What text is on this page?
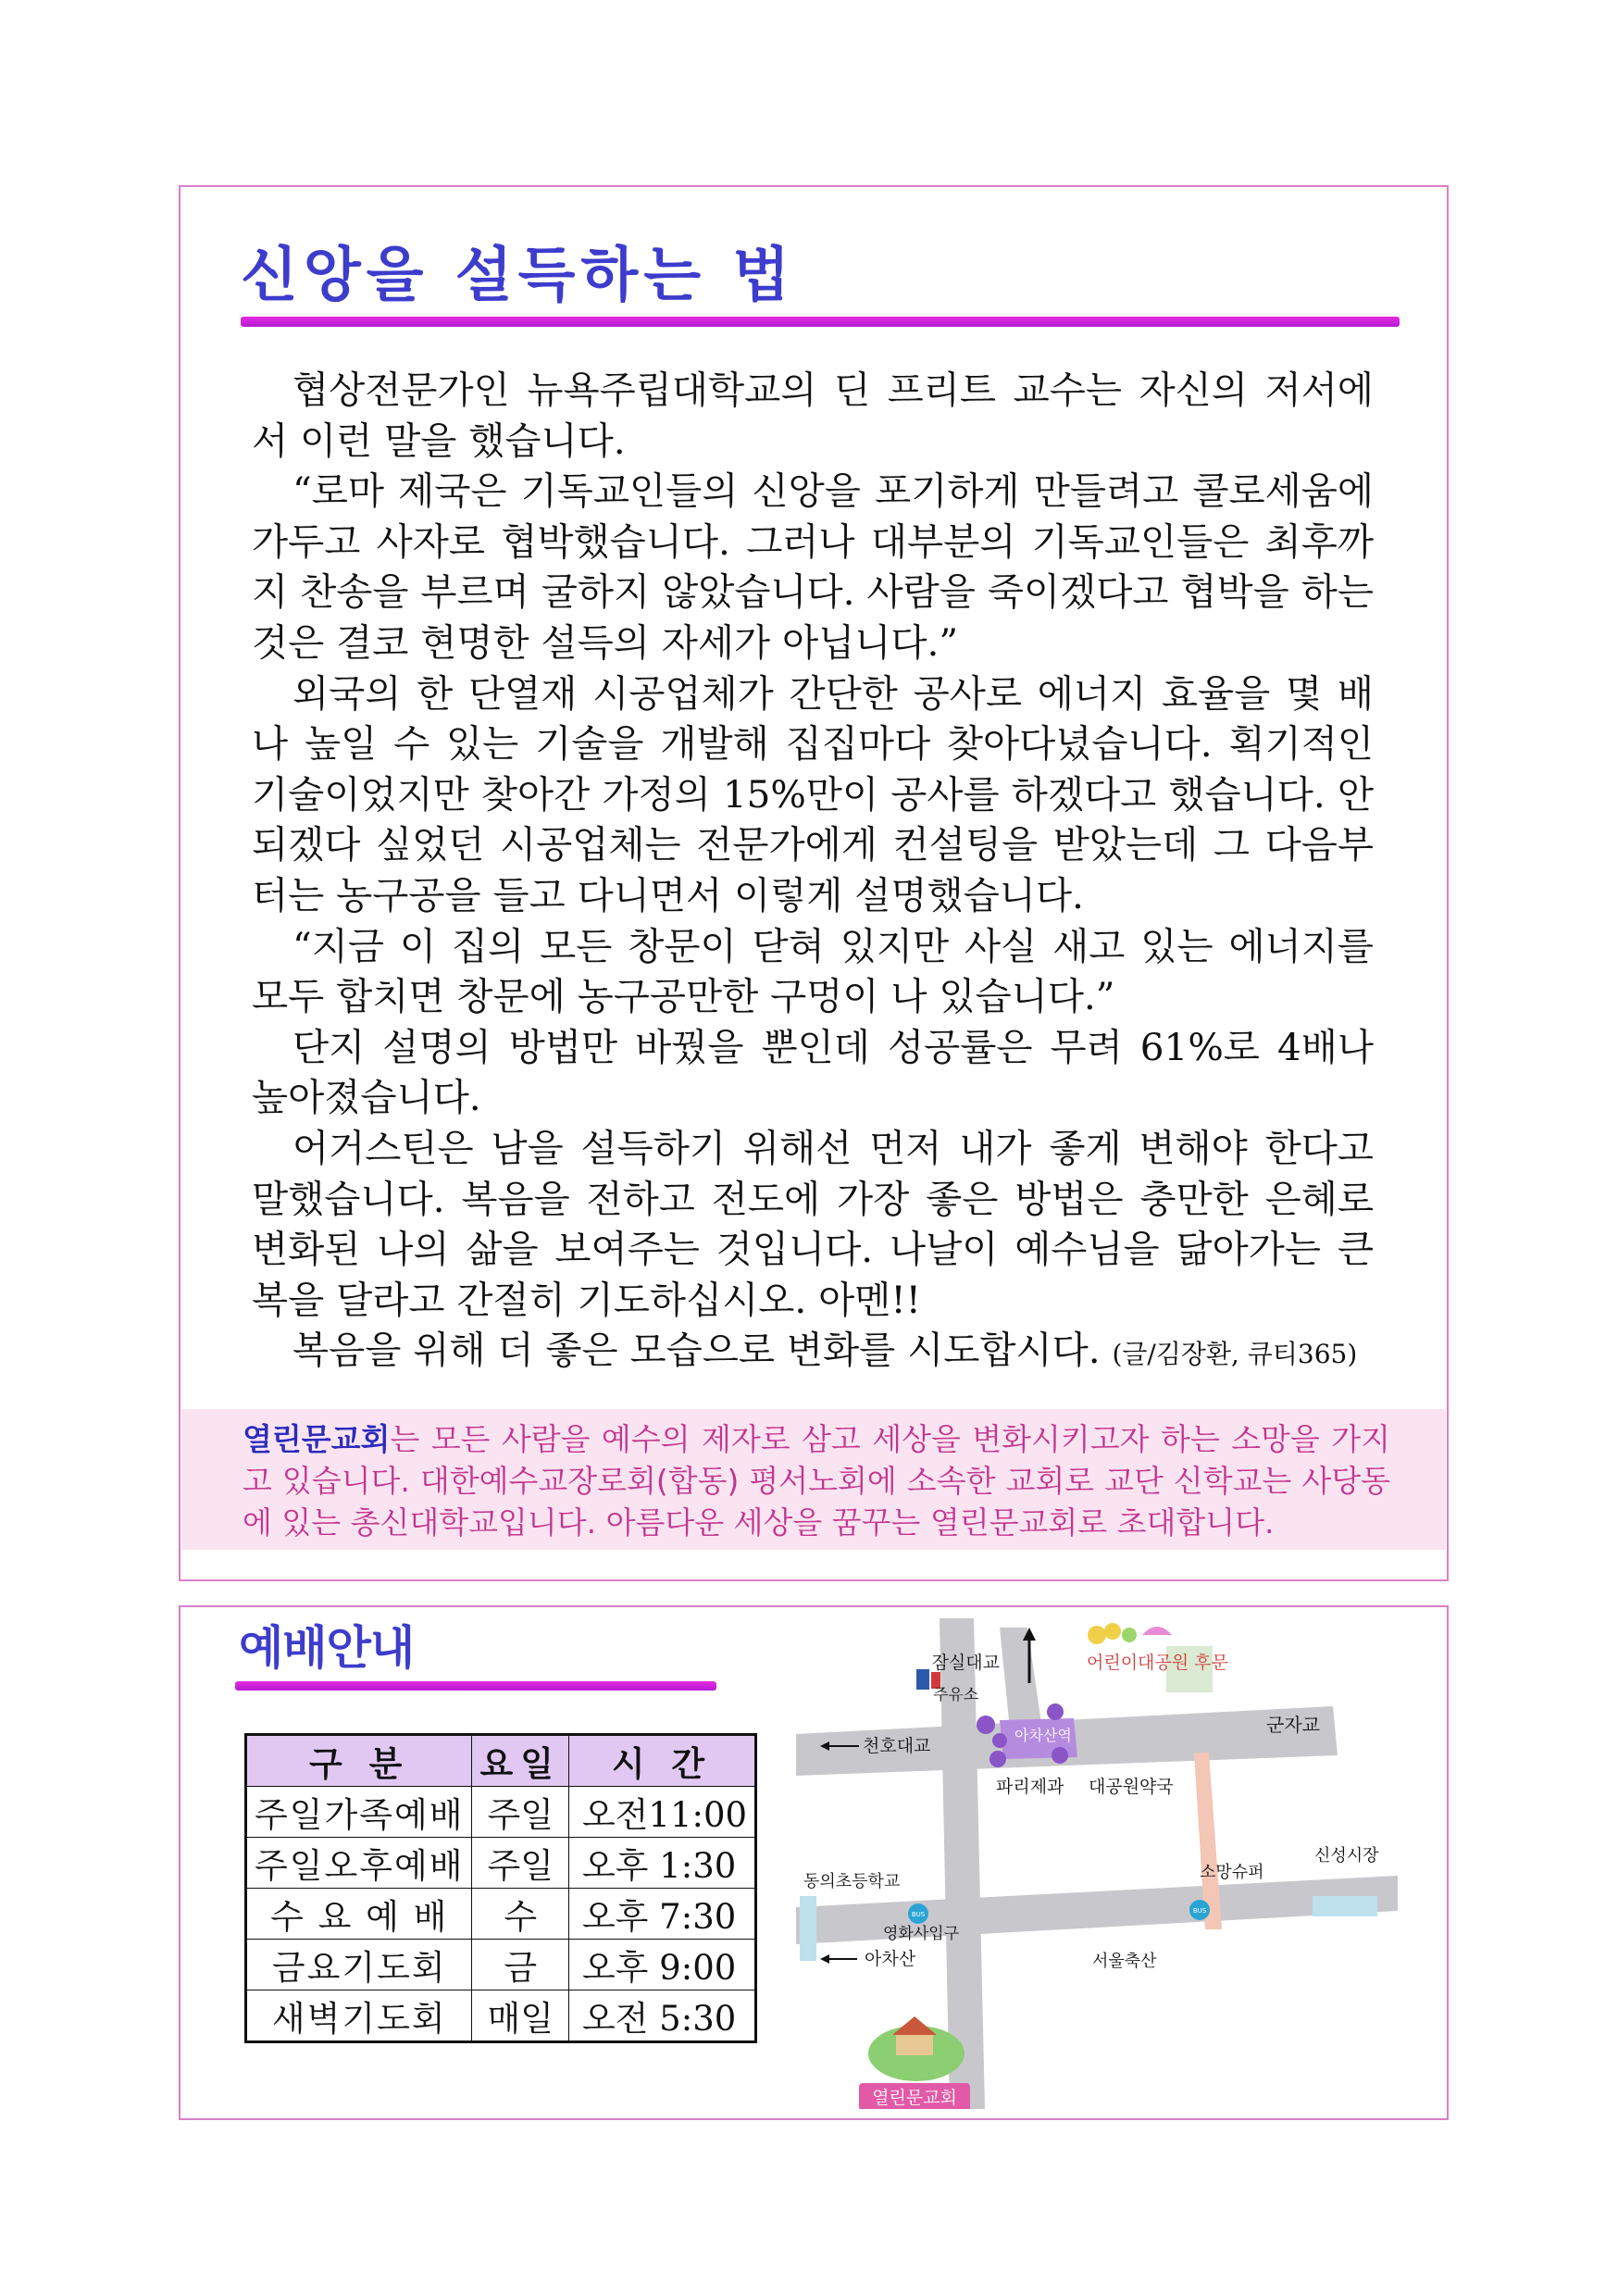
신앙을 설득하는 법

협상전문가인 뉴욕주립대학교의 딘 프리트 교수는 자신의 저서에서 이런 말을 했습니다.

“로마 제국은 기독교인들의 신앙을 포기하게 만들려고 콜로세움에 가두고 사자로 협박했습니다. 그러나 대부분의 기독교인들은 최후까지 찬송을 부르며 굴하지 않았습니다. 사람을 죽이겠다고 협박을 하는 것은 결코 현명한 설득의 자세가 아닙니다.”

외국의 한 단열재 시공업체가 간단한 공사로 에너지 효율을 몇 배나 높일 수 있는 기술을 개발해 집집마다 찾아다녔습니다. 획기적인 기술이었지만 찾아간 가정의 15%만이 공사를 하겠다고 했습니다. 안 되겠다 싶었던 시공업체는 전문가에게 컨설팅을 받았는데 그 다음부터는 농구공을 들고 다니면서 이렇게 설명했습니다.

“지금 이 집의 모든 창문이 닫혀 있지만 사실 새고 있는 에너지를 모두 합치면 창문에 농구공만한 구멍이 나 있습니다.”

단지 설명의 방법만 바꿨을 뿐인데 성공률은 무려 61%로 4배나 높아졌습니다.

어거스틴은 남을 설득하기 위해선 먼저 내가 좋게 변해야 한다고 말했습니다. 복음을 전하고 전도에 가장 좋은 방법은 충만한 은혜로 변화된 나의 삶을 보여주는 것입니다. 나날이 예수님을 닮아가는 큰 복을 달라고 간절히 기도하십시오. 아멘!!

복음을 위해 더 좋은 모습으로 변화를 시도합시다. (글/김장환, 큐티365)

열린문교회는 모든 사람을 예수의 제자로 삼고 세상을 변화시키고자 하는 소망을 가지고 있습니다. 대한예수교장로회(합동) 평서노회에 소속한 교회로 교단 신학교는 사당동에 있는 총신대학교입니다. 아름다운 세상을 꿈꾸는 열린문교회로 초대합니다.
예배안내
구 분	요일	시 간
주일가족예배	주일	오전11:00
주일오후예배	주일	오후 1:30
수 요 예 배	수	오후 7:30
금요기도회	금	오후 9:00
새벽기도회	매일	오전 5:30
BUS	BUS
잠실대교	어린이대공원 후문
주유소
천호대교
아차산역	군자교
파리제과 대공원약국
소망슈퍼
신성시장
동의초등학교
영화사입구
아차산	서울축산
열린문교회
